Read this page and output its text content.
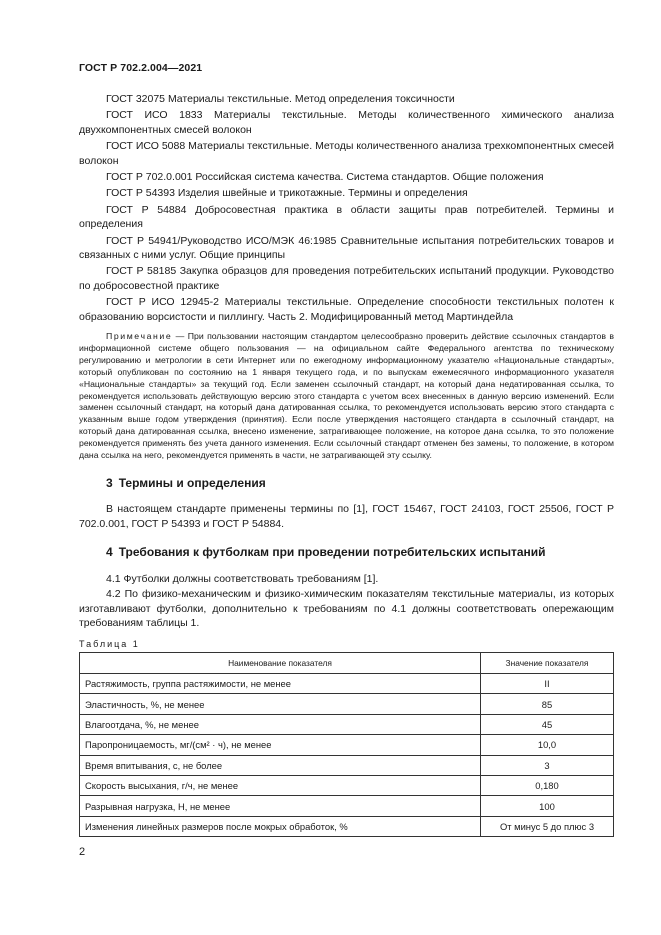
ГОСТ Р 702.2.004—2021

ГОСТ 32075 Материалы текстильные. Метод определения токсичности

ГОСТ ИСО 1833 Материалы текстильные. Методы количественного химического анализа двухкомпонентных смесей волокон

ГОСТ ИСО 5088 Материалы текстильные. Методы количественного анализа трехкомпонентных смесей волокон

ГОСТ Р 702.0.001 Российская система качества. Система стандартов. Общие положения

ГОСТ Р 54393 Изделия швейные и трикотажные. Термины и определения

ГОСТ Р 54884 Добросовестная практика в области защиты прав потребителей. Термины и определения

ГОСТ Р 54941/Руководство ИСО/МЭК 46:1985 Сравнительные испытания потребительских товаров и связанных с ними услуг. Общие принципы

ГОСТ Р 58185 Закупка образцов для проведения потребительских испытаний продукции. Руководство по добросовестной практике

ГОСТ Р ИСО 12945-2 Материалы текстильные. Определение способности текстильных полотен к образованию ворсистости и пиллингу. Часть 2. Модифицированный метод Мартиндейла

Примечание — При пользовании настоящим стандартом целесообразно проверить действие ссылочных стандартов в информационной системе общего пользования — на официальном сайте Федерального агентства по техническому регулированию и метрологии в сети Интернет или по ежегодному информационному указателю «Национальные стандарты», который опубликован по состоянию на 1 января текущего года, и по выпускам ежемесячного информационного указателя «Национальные стандарты» за текущий год. Если заменен ссылочный стандарт, на который дана недатированная ссылка, то рекомендуется использовать действующую версию этого стандарта с учетом всех внесенных в данную версию изменений. Если заменен ссылочный стандарт, на который дана датированная ссылка, то рекомендуется использовать версию этого стандарта с указанным выше годом утверждения (принятия). Если после утверждения настоящего стандарта в ссылочный стандарт, на который дана датированная ссылка, внесено изменение, затрагивающее положение, на которое дана ссылка, то это положение рекомендуется применять без учета данного изменения. Если ссылочный стандарт отменен без замены, то положение, в котором дана ссылка на него, рекомендуется применять в части, не затрагивающей эту ссылку.

3 Термины и определения

В настоящем стандарте применены термины по [1], ГОСТ 15467, ГОСТ 24103, ГОСТ 25506, ГОСТ Р 702.0.001, ГОСТ Р 54393 и ГОСТ Р 54884.

4 Требования к футболкам при проведении потребительских испытаний

4.1 Футболки должны соответствовать требованиям [1].

4.2 По физико-механическим и физико-химическим показателям текстильные материалы, из которых изготавливают футболки, дополнительно к требованиям по 4.1 должны соответствовать опережающим требованиям таблицы 1.

Таблица 1
Наименование показателя	Значение показателя
Растяжимость, группа растяжимости, не менее	II
Эластичность, %, не менее	85
Влагоотдача, %, не менее	45
Паропроницаемость, мг/(см² · ч), не менее	10,0
Время впитывания, с, не более	3
Скорость высыхания, г/ч, не менее	0,180
Разрывная нагрузка, Н, не менее	100
Изменения линейных размеров после мокрых обработок, %	От минус 5 до плюс 3
2
